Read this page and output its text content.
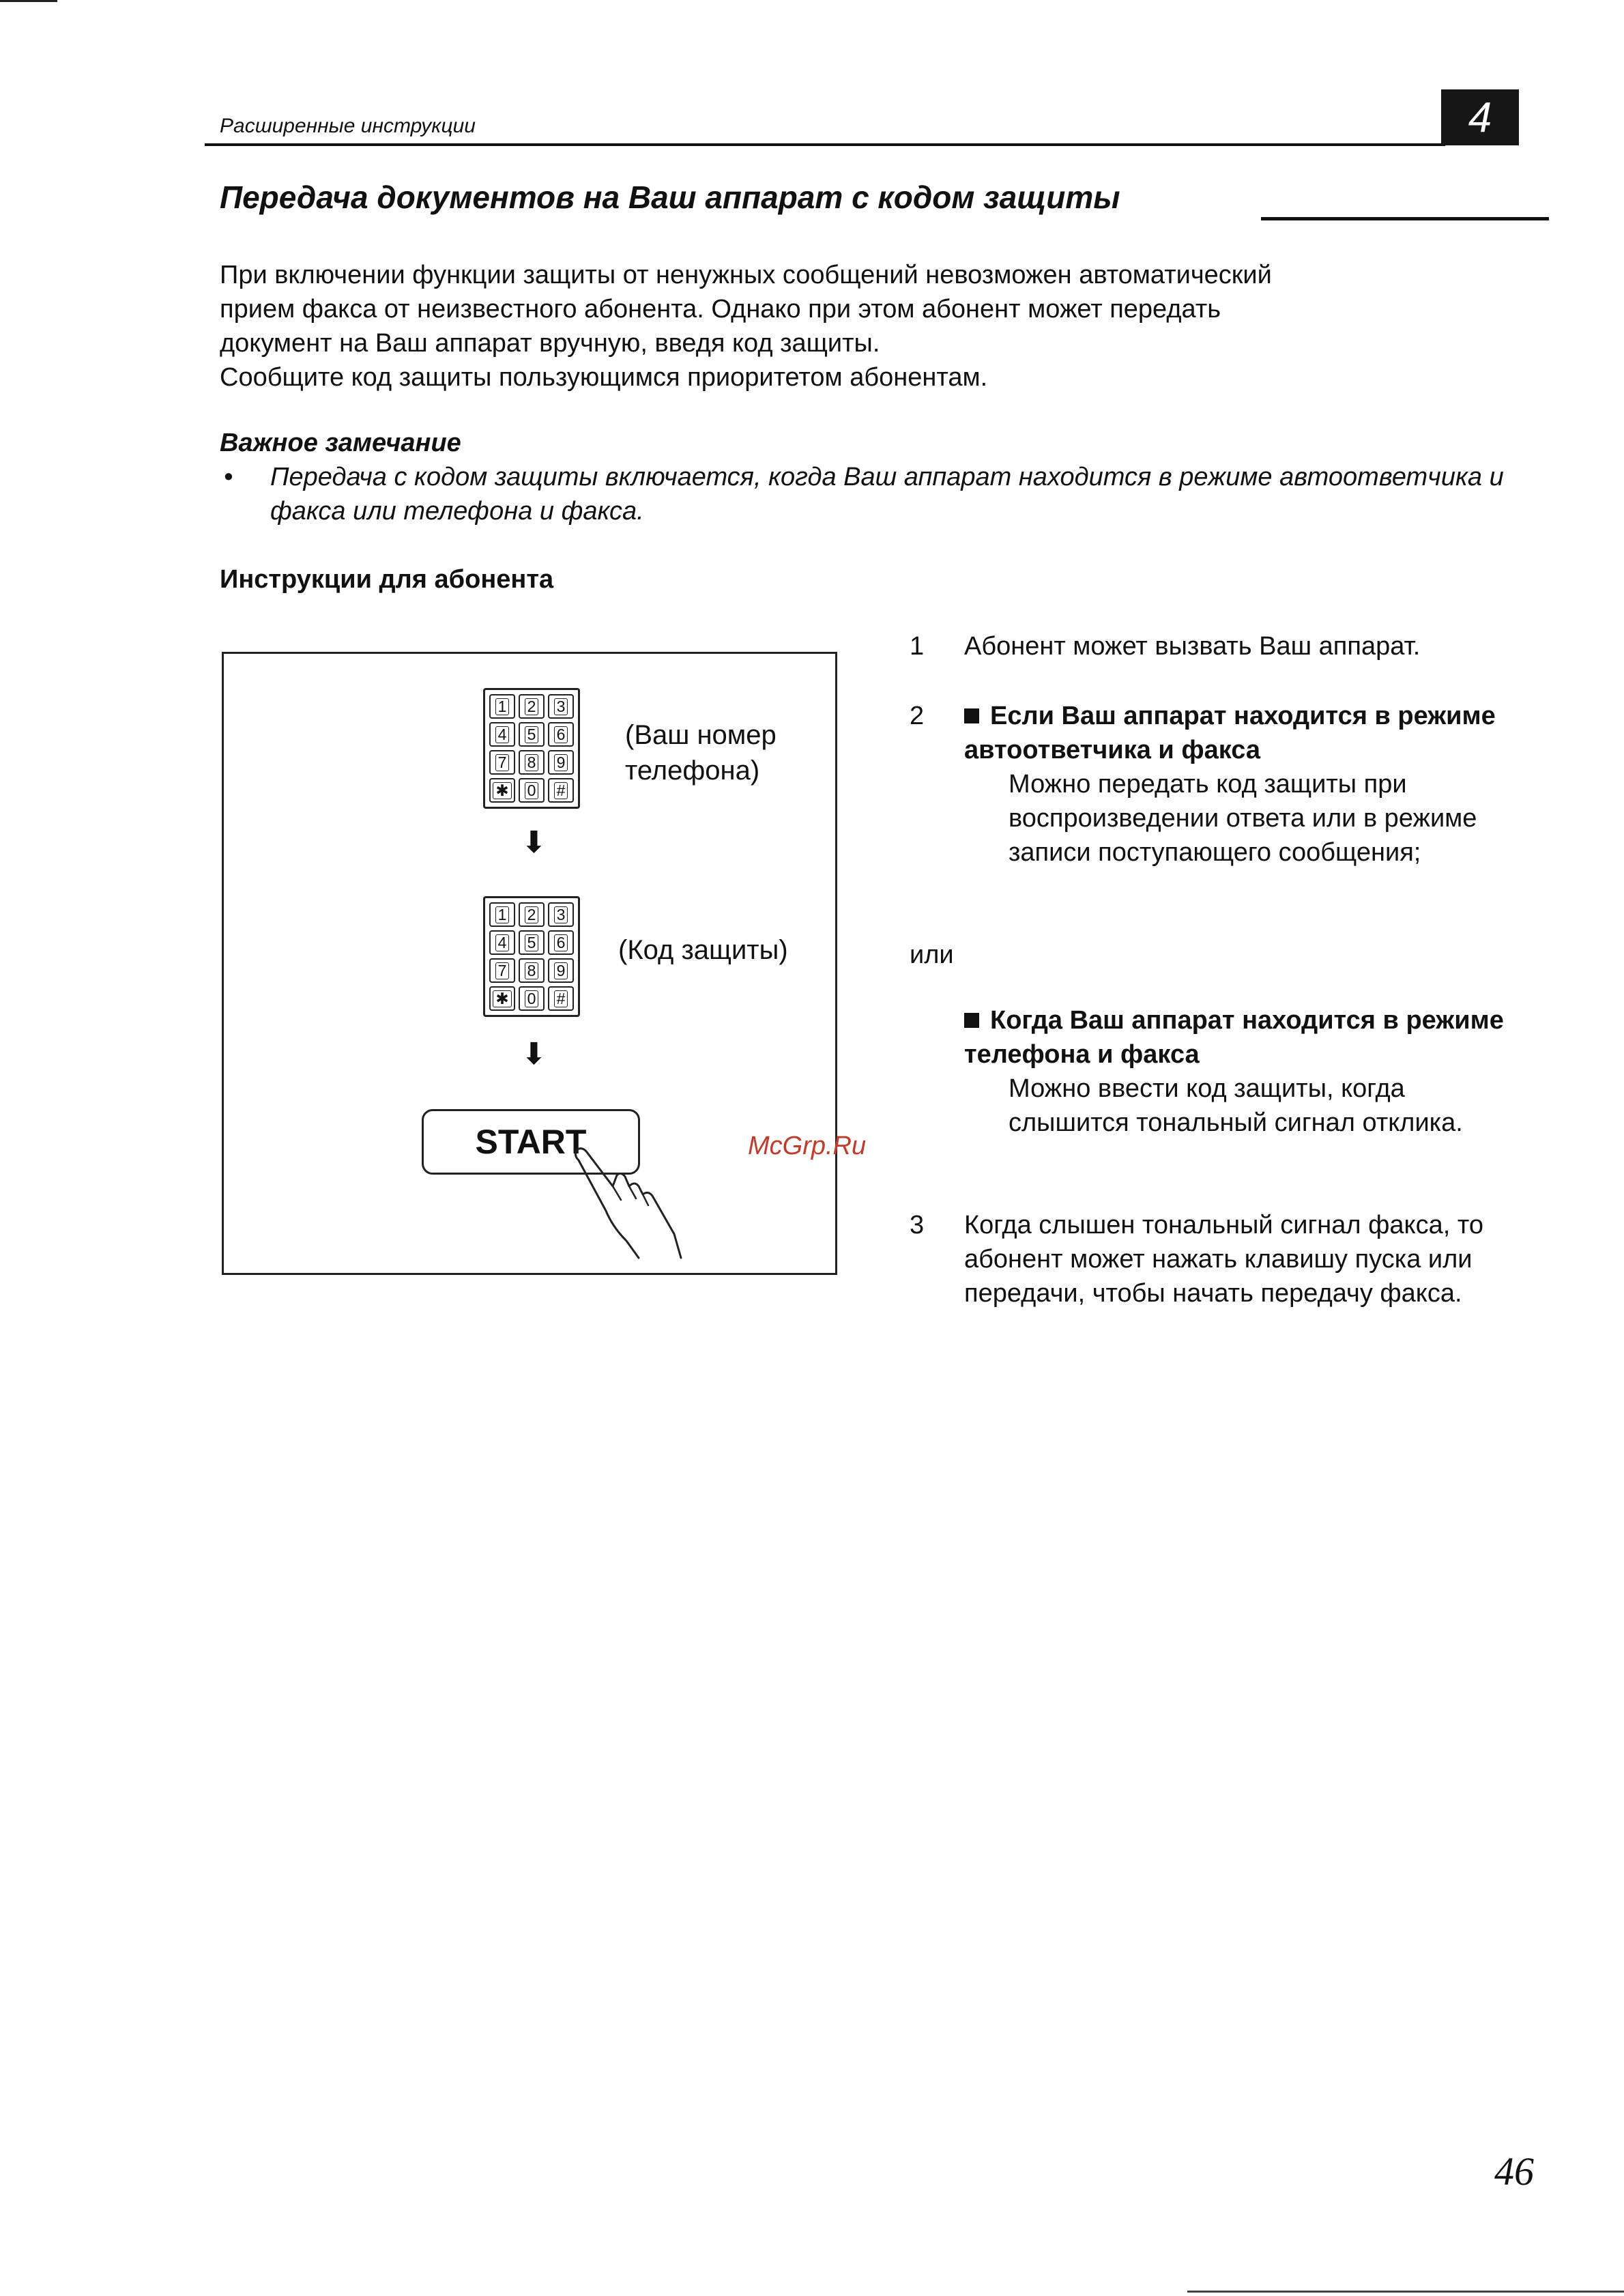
Расширенные инструкции	4
Передача документов на Ваш аппарат с кодом защиты

При включении функции защиты от ненужных сообщений невозможен автоматический

прием факса от неизвестного абонента. Однако при этом абонент может передать

документ на Ваш аппарат вручную, введя код защиты.

Сообщите код защиты пользующимся приоритетом абонентам.

Важное замечание
• Передача с кодом защиты включается, когда Ваш аппарат находится в режиме автоответчика и факса или телефона и факса.
Инструкции для абонента
1 2 3
4 5 6
7 8 9
✱ 0 #
(Ваш номер
телефона)
⬇
1 2 3
4 5 6
7 8 9
✱ 0 #
(Код защиты)
⬇
START	McGrp.Ru
1 Абонент может вызвать Ваш аппарат.
2	Если Ваш аппарат находится в режиме автоответчика и факса
Можно передать код защиты при воспроизведении ответа или в режиме записи поступающего сообщения;
или
Когда Ваш аппарат находится в режиме телефона и факса
Можно ввести код защиты, когда слышится тональный сигнал отклика.
3 Когда слышен тональный сигнал факса, то абонент может нажать клавишу пуска или передачи, чтобы начать передачу факса.
46
